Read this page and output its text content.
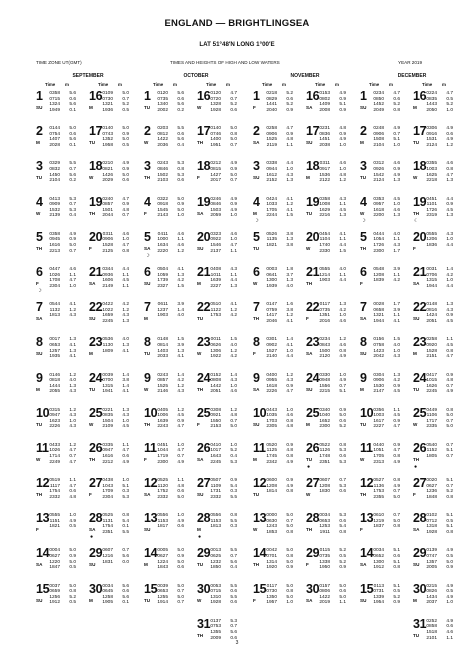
ENGLAND — BRIGHTLINGSEA
LAT 51°48′N LONG 1°00′E
TIME ZONE UT(GMT)	TIMES AND HEIGHTS OF HIGH AND LOW WATERS	YEAR 2019
SEPTEMBER
Time m
1
SU
0358 5.6
0715 0.6
1324 5.6
1949 0.1
2
M
0144 5.0
0754 0.6
1407 5.6
2028 0.1
3
TU
0329 5.5
0832 0.7
1450 5.6
2104 0.2
4
W
0413 5.3
0909 0.7
1532 5.3
2139 0.4
5
TH
0358 4.9
0945 0.9
1616 5.0
2213 0.7
6
F
☽
0447 4.6
1026 1.1
1708 4.7
2304 1.0
7
SA
0544 4.1
1132 1.2
1813 4.3
8
SU
0017 1.3
0653 4.1
1257 1.3
1935 4.1
9
M
0146 1.2
0818 4.0
1444 1.3
2055 4.3
10
TU
0315 1.2
0947 4.3
1623 1.0
2226 4.3
11
W
0433 1.2
1026 4.7
1714 0.7
2249 4.7
12
TH
0519 1.1
1117 4.7
1754 0.6
2332 4.8
13
F
0555 1.0
1151 4.9
1821 0.5
14
SA
0004 5.0
0627 0.9
1220 5.0
1847 0.5
15
SU
0037 5.0
0659 0.8
1256 5.2
1912 0.5
Time m
16
M
0109 5.0
0730 0.7
1321 5.2
1936 0.5
17
TU
0140 5.0
0743 0.9
1352 5.0
1958 0.5
18
W
0210 4.9
0821 0.9
1426 5.0
2029 0.6
19
TH
0240 4.7
0857 0.9
1501 4.8
2044 0.7
20
F
0311 4.6
0906 1.0
1528 4.7
2125 0.8
21
SA
0344 4.4
0936 1.1
1606 4.5
2149 1.1
22
SU
0422 4.2
1022 1.2
1659 4.3
2245 1.3
23
M
0536 4.0
1130 1.3
1809 4.1
24
TU
0039 1.4
0700 3.8
1315 1.4
1941 4.1
25
W
0221 1.3
0835 4.3
1504 1.0
2109 4.5
26
TH
0335 1.1
0947 4.7
1616 0.6
2212 4.9
27
F
0438 1.0
1043 5.1
1709 0.3
2304 5.3
28
SA
●
0525 0.8
1131 5.4
1754 0.1
2351 5.5
29
SU
0607 0.7
1216 5.6
1831 0.0
30
M
0034 5.6
0645 0.6
1258 5.6
1905 0.1
OCTOBER
Time m
1
TU
0120 5.6
0735 0.6
1340 5.6
2002 0.2
2
W
0203 5.5
0812 0.6
1422 5.6
2036 0.4
3
TH
0243 5.3
0846 0.8
1502 5.3
2103 0.6
4
F
0322 5.0
0918 0.9
1545 5.0
2143 1.0
5
SA
☽
0411 4.6
1000 1.1
1634 4.6
2220 1.2
6
SU
0504 4.1
1059 1.3
1739 4.2
2327 1.5
7
M
0611 3.9
1237 1.4
1903 4.0
8
TU
0148 1.5
0814 3.9
1403 1.3
2033 4.1
9
W
0243 1.4
0857 4.2
1525 1.2
2146 4.3
10
TH
0405 1.2
1006 4.5
1639 0.9
2243 4.7
11
F
0451 1.0
1044 4.7
1719 0.7
2300 4.9
12
SA
0525 1.1
1120 4.8
1752 0.6
2332 5.0
13
SU
0556 1.0
1153 4.9
1817 0.6
14
M
0005 5.0
0627 0.9
1224 5.0
1843 0.6
15
TU
0039 5.0
0653 0.7
1255 5.0
1914 0.7
Time m
16
W
0120 4.7
0720 0.7
1328 5.2
1928 0.6
17
TH
0140 5.0
0746 0.8
1400 5.0
1951 0.7
18
F
0212 4.9
0815 0.9
1427 5.0
2017 0.7
19
SA
0246 4.9
0846 0.9
1503 4.9
2059 1.0
20
SU
0323 4.6
0922 1.0
1546 4.7
2137 1.1
21
M
0408 4.3
1011 1.1
1639 4.4
2227 1.3
22
TU
0510 4.1
1122 1.2
1753 4.2
23
W
0011 1.5
0626 4.0
1306 1.2
1922 4.2
24
TH
0152 1.4
0808 4.3
1442 1.0
2051 4.6
25
F
0308 1.2
0921 4.8
1550 0.7
2153 5.0
26
SA
0410 1.0
1017 5.2
1643 0.4
2245 5.3
27
SU
0507 0.9
1109 5.4
1731 0.3
2332 5.5
28
M
●
0556 0.8
1153 5.5
1813 0.3
29
TU
0013 5.5
0625 0.7
1232 5.6
1850 0.4
30
W
0053 5.5
0715 0.6
1310 5.5
1928 0.6
31
TH
0137 5.3
0753 0.7
1355 5.6
2009 0.6
NOVEMBER
Time m
1
F
0218 5.2
0829 0.6
1441 5.2
2040 0.9
2
SA
0258 4.7
0906 0.9
1525 4.8
2119 1.1
3
SU
0338 4.4
0944 1.0
1612 4.3
2152 1.3
4
M
☽
0424 4.1
1033 1.2
1705 4.1
2244 1.5
5
TU
0526 3.8
1135 1.3
1821 3.8
6
W
0003 1.8
0641 3.7
1300 1.3
1939 4.0
7
TH
0147 1.6
0759 3.8
1417 1.2
2046 4.1
8
F
0301 1.4
0902 4.1
1527 1.0
2140 4.4
9
SA
0400 1.2
0955 4.3
1618 0.9
2226 4.7
10
SU
0443 1.0
1035 4.6
1703 0.8
2305 4.8
11
M
0520 0.9
1125 4.8
1745 0.8
2342 4.9
12
TU
0600 0.9
1208 4.9
1814 0.8
13
W
0000 5.0
0630 0.7
1243 5.0
1853 0.8
14
TH
0042 5.0
0701 0.8
1314 5.0
1920 0.9
15
F
0117 5.0
0730 0.8
1350 5.0
1957 1.0
Time m
16
SA
0153 4.9
0802 0.9
1409 5.1
2008 0.9
17
SU
0231 4.8
0836 0.9
1451 4.9
2038 1.0
18
M
0311 4.6
0917 1.0
1536 4.8
2122 1.2
19
TU
0358 4.3
1008 1.1
1629 4.5
2216 1.3
20
W
0454 4.1
1104 1.1
1740 4.4
2330 1.5
21
TH
0555 4.0
1214 1.1
1903 4.4
22
F
0117 1.3
0735 4.2
1351 1.0
2016 4.6
23
SA
0234 1.2
0843 4.6
1500 0.8
2120 4.9
24
SU
0330 1.0
0948 4.9
1556 0.7
2215 5.1
25
M
0340 0.9
1040 5.0
1652 0.6
2300 5.2
26
TU
●
0522 0.8
1126 5.3
1748 0.6
2351 5.3
27
W
0607 0.7
1208 5.3
1830 0.6
28
TH
0034 5.3
0653 0.6
1253 5.4
1911 0.8
29
F
0115 5.2
0735 0.5
1338 5.2
1950 0.9
30
SA
0157 5.0
0806 0.6
1422 5.0
2019 1.1
DECEMBER
Time m
1
SU
0234 4.7
0850 0.6
1452 5.2
2049 0.8
2
M
0248 4.9
0906 0.7
1508 5.1
2104 1.0
3
TU
0312 4.6
0926 0.9
1542 4.9
2124 1.3
4
W
☽
0353 4.5
0957 1.0
1618 4.6
2200 1.3
5
TH
0444 4.0
1054 1.1
1726 4.3
2300 1.7
6
F
0548 3.9
1208 1.1
1839 4.2
7
SA
0028 1.7
0658 3.9
1321 1.1
1944 4.1
8
SU
0156 1.5
0758 4.0
1423 1.0
2042 4.3
9
M
0304 1.3
0906 4.2
1530 0.9
2147 4.5
10
TU
0356 1.1
1003 4.5
1617 0.9
2227 4.7
11
W
0440 0.9
1051 4.7
1705 0.8
2313 4.9
12
TH
0527 0.8
1136 4.9
1753 0.7
2355 5.0
13
F
0610 0.7
1219 5.0
1837 0.8
14
SA
0034 5.1
0652 0.6
1300 5.1
1912 0.8
15
SU
0113 5.1
0731 0.5
1339 5.2
1954 0.9
Time m
16
M
0224 4.7
0835 0.5
1443 5.2
2050 1.0
17
TU
0306 4.9
0916 0.6
1531 4.9
2124 1.2
18
W
0355 4.6
1003 0.8
1625 4.7
2218 1.3
19
TH
☾
0451 4.4
1101 0.9
1726 4.5
2319 1.3
20
F
0555 4.3
1206 1.0
1836 4.4
21
SA
0031 1.4
0706 4.2
1315 1.0
1944 4.4
22
SU
0148 1.3
0816 4.3
1424 0.9
2051 4.5
23
M
0258 1.1
0920 4.5
1528 0.8
2151 4.7
24
TU
0417 0.9
1015 4.8
1626 0.7
2245 4.9
25
W
0449 0.8
1106 5.0
1717 0.7
2335 5.0
26
TH
●
0540 0.7
1152 5.1
1805 0.7
27
F
0020 5.1
0627 0.7
1236 5.2
1848 0.8
28
SA
0102 5.1
0712 0.5
1318 5.1
1928 0.8
29
SU
0139 4.9
0747 0.5
1357 5.0
2005 0.9
30
M
0215 4.9
0826 0.5
1434 4.9
2037 1.0
31
TU
0252 4.9
0858 0.6
1518 4.6
2101 1.1
3
